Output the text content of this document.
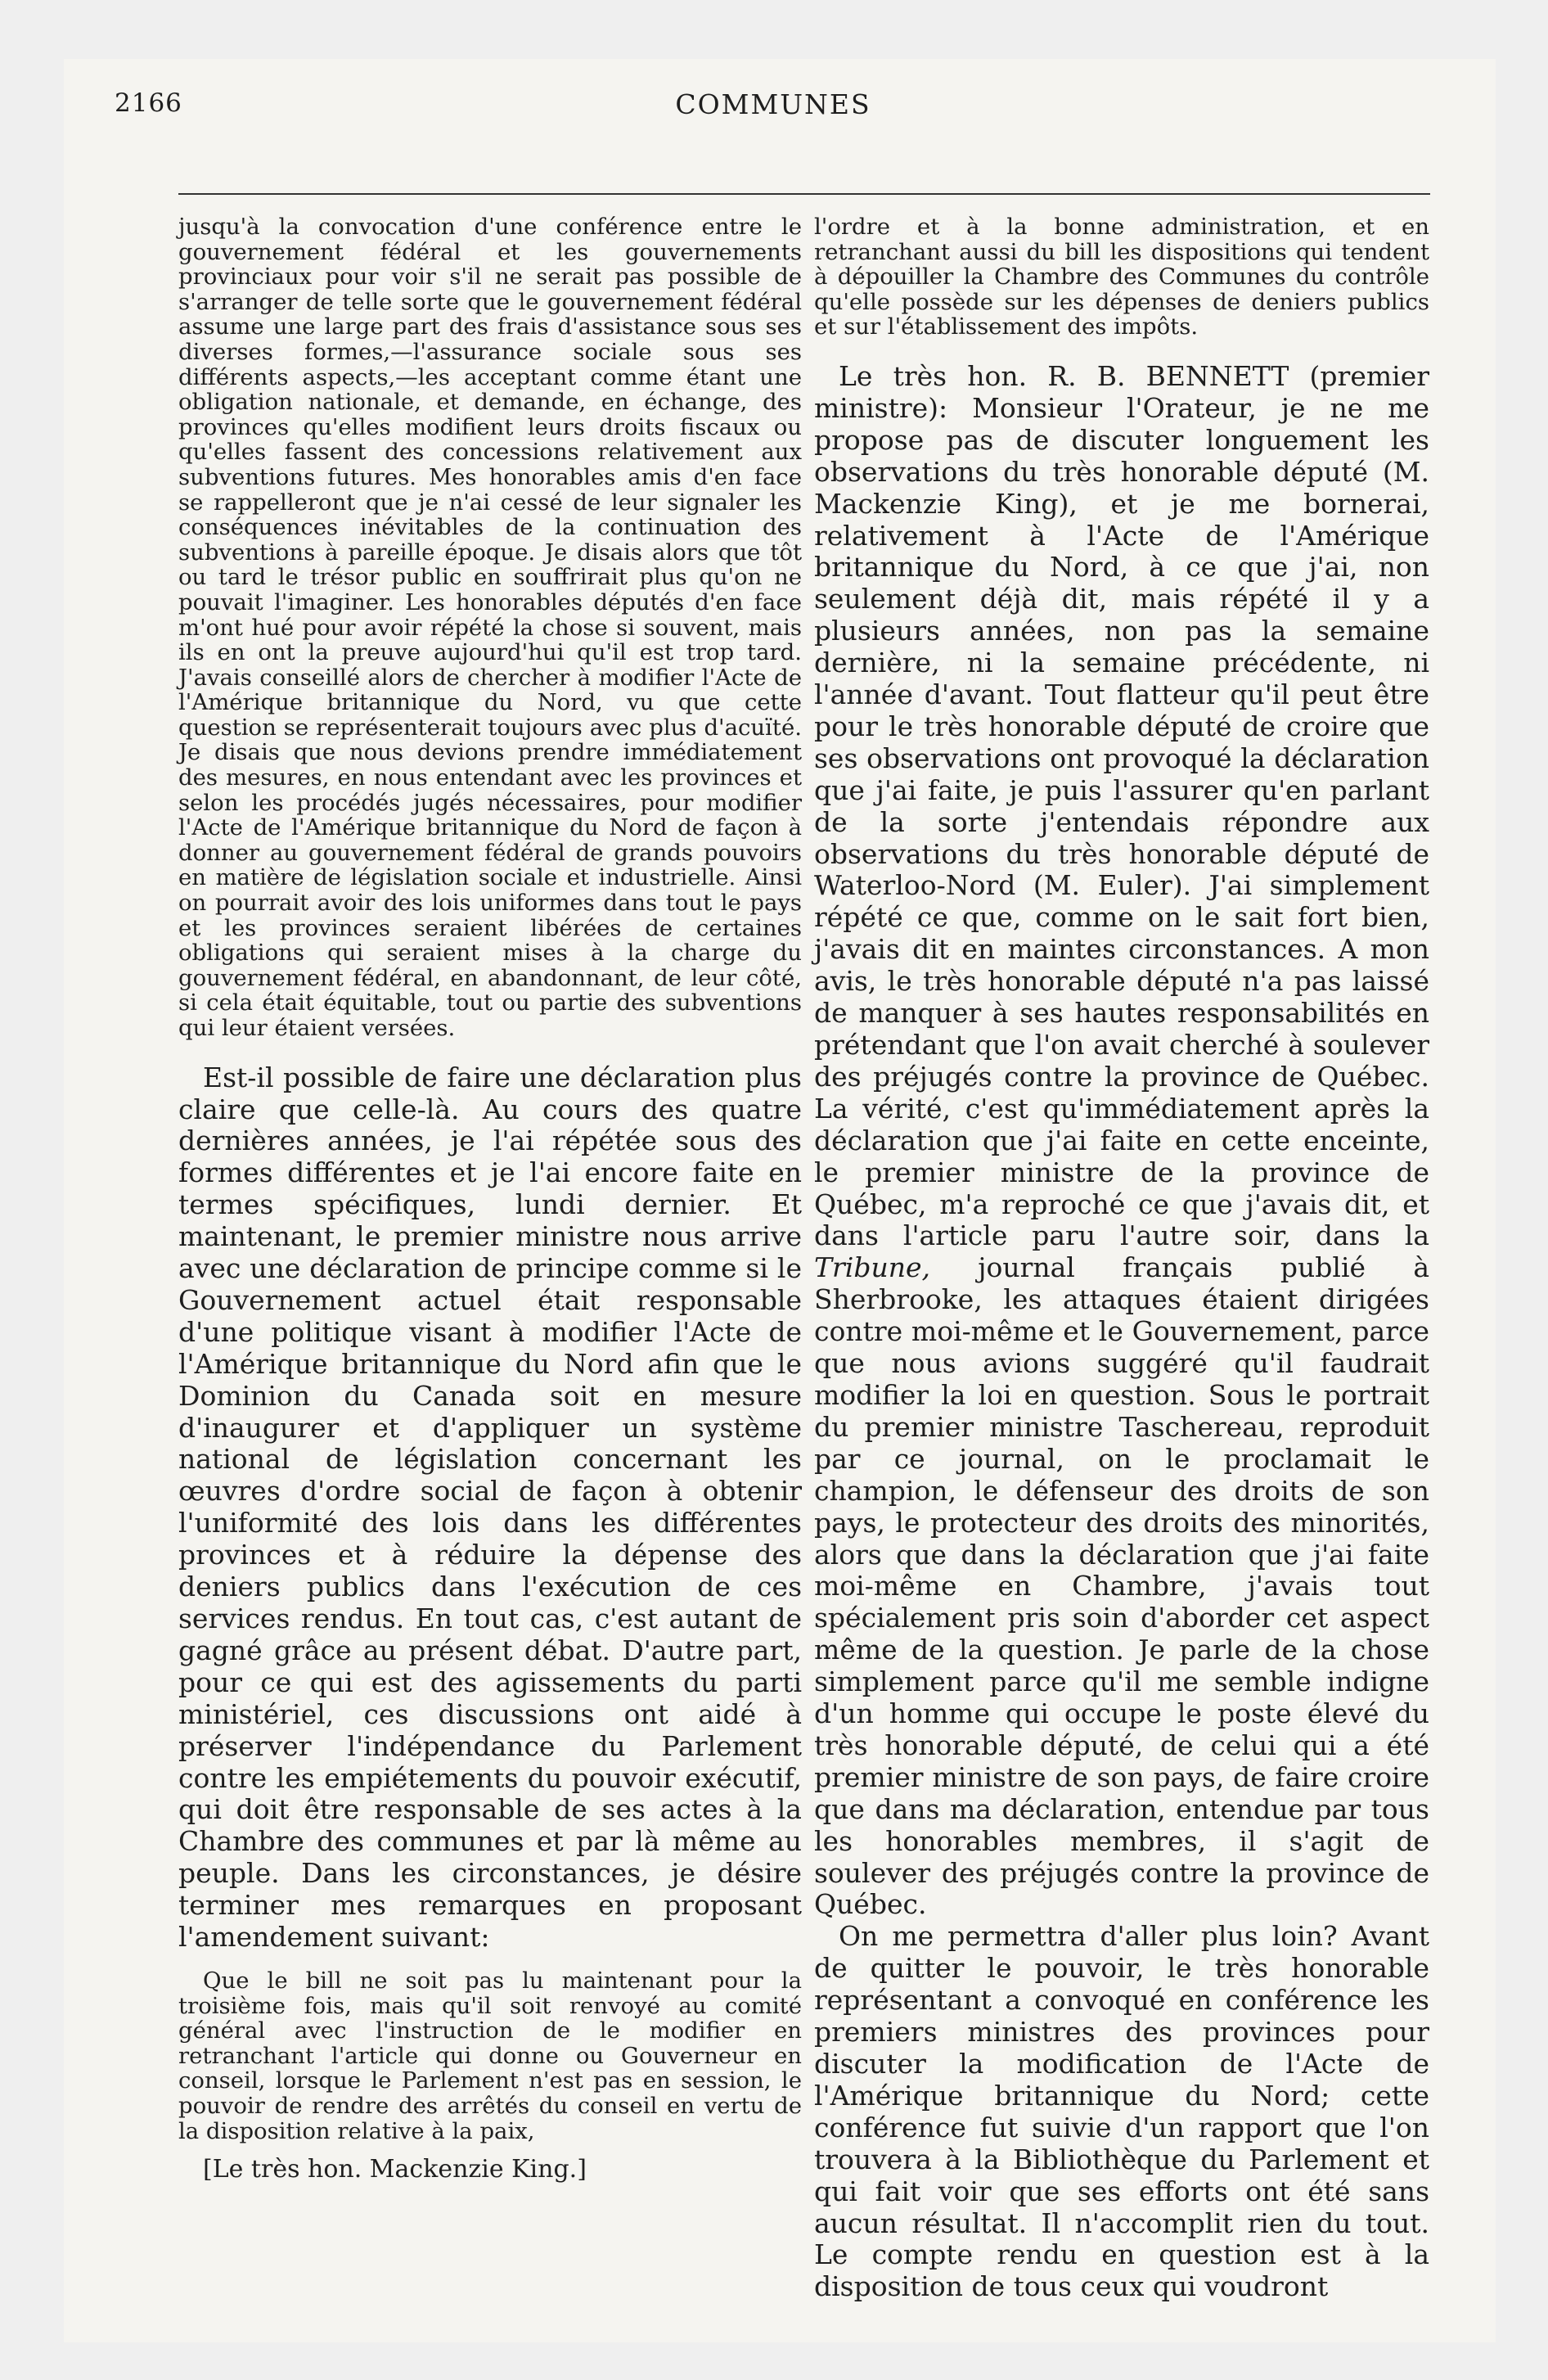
2166	COMMUNES

jusqu'à la convocation d'une conférence entre le gouvernement fédéral et les gouvernements provinciaux pour voir s'il ne serait pas possible de s'arranger de telle sorte que le gouvernement fédéral assume une large part des frais d'assistance sous ses diverses formes,—l'assurance sociale sous ses différents aspects,—les acceptant comme étant une obligation nationale, et demande, en échange, des provinces qu'elles modifient leurs droits fiscaux ou qu'elles fassent des concessions relativement aux subventions futures. Mes honorables amis d'en face se rappelleront que je n'ai cessé de leur signaler les conséquences inévitables de la continuation des subventions à pareille époque. Je disais alors que tôt ou tard le trésor public en souffrirait plus qu'on ne pouvait l'imaginer. Les honorables députés d'en face m'ont hué pour avoir répété la chose si souvent, mais ils en ont la preuve aujourd'hui qu'il est trop tard. J'avais conseillé alors de chercher à modifier l'Acte de l'Amérique britannique du Nord, vu que cette question se représenterait toujours avec plus d'acuïté. Je disais que nous devions prendre immédiatement des mesures, en nous entendant avec les provinces et selon les procédés jugés nécessaires, pour modifier l'Acte de l'Amérique britannique du Nord de façon à donner au gouvernement fédéral de grands pouvoirs en matière de législation sociale et industrielle. Ainsi on pourrait avoir des lois uniformes dans tout le pays et les provinces seraient libérées de certaines obligations qui seraient mises à la charge du gouvernement fédéral, en abandonnant, de leur côté, si cela était équitable, tout ou partie des subventions qui leur étaient versées.

Est-il possible de faire une déclaration plus claire que celle-là. Au cours des quatre dernières années, je l'ai répétée sous des formes différentes et je l'ai encore faite en termes spécifiques, lundi dernier. Et maintenant, le premier ministre nous arrive avec une déclaration de principe comme si le Gouvernement actuel était responsable d'une politique visant à modifier l'Acte de l'Amérique britannique du Nord afin que le Dominion du Canada soit en mesure d'inaugurer et d'appliquer un système national de législation concernant les œuvres d'ordre social de façon à obtenir l'uniformité des lois dans les différentes provinces et à réduire la dépense des deniers publics dans l'exécution de ces services rendus. En tout cas, c'est autant de gagné grâce au présent débat. D'autre part, pour ce qui est des agissements du parti ministériel, ces discussions ont aidé à préserver l'indépendance du Parlement contre les empiétements du pouvoir exécutif, qui doit être responsable de ses actes à la Chambre des communes et par là même au peuple. Dans les circonstances, je désire terminer mes remarques en proposant l'amendement suivant:

Que le bill ne soit pas lu maintenant pour la troisième fois, mais qu'il soit renvoyé au comité général avec l'instruction de le modifier en retranchant l'article qui donne ou Gouverneur en conseil, lorsque le Parlement n'est pas en session, le pouvoir de rendre des arrêtés du conseil en vertu de la disposition relative à la paix,

[Le très hon. Mackenzie King.]

l'ordre et à la bonne administration, et en retranchant aussi du bill les dispositions qui tendent à dépouiller la Chambre des Communes du contrôle qu'elle possède sur les dépenses de deniers publics et sur l'établissement des impôts.

Le très hon. R. B. BENNETT (premier ministre): Monsieur l'Orateur, je ne me propose pas de discuter longuement les observations du très honorable député (M. Mackenzie King), et je me bornerai, relativement à l'Acte de l'Amérique britannique du Nord, à ce que j'ai, non seulement déjà dit, mais répété il y a plusieurs années, non pas la semaine dernière, ni la semaine précédente, ni l'année d'avant. Tout flatteur qu'il peut être pour le très honorable député de croire que ses observations ont provoqué la déclaration que j'ai faite, je puis l'assurer qu'en parlant de la sorte j'entendais répondre aux observations du très honorable député de Waterloo-Nord (M. Euler). J'ai simplement répété ce que, comme on le sait fort bien, j'avais dit en maintes circonstances. A mon avis, le très honorable député n'a pas laissé de manquer à ses hautes responsabilités en prétendant que l'on avait cherché à soulever des préjugés contre la province de Québec. La vérité, c'est qu'immédiatement après la déclaration que j'ai faite en cette enceinte, le premier ministre de la province de Québec, m'a reproché ce que j'avais dit, et dans l'article paru l'autre soir, dans la Tribune, journal français publié à Sherbrooke, les attaques étaient dirigées contre moi-même et le Gouvernement, parce que nous avions suggéré qu'il faudrait modifier la loi en question. Sous le portrait du premier ministre Taschereau, reproduit par ce journal, on le proclamait le champion, le défenseur des droits de son pays, le protecteur des droits des minorités, alors que dans la déclaration que j'ai faite moi-même en Chambre, j'avais tout spécialement pris soin d'aborder cet aspect même de la question. Je parle de la chose simplement parce qu'il me semble indigne d'un homme qui occupe le poste élevé du très honorable député, de celui qui a été premier ministre de son pays, de faire croire que dans ma déclaration, entendue par tous les honorables membres, il s'agit de soulever des préjugés contre la province de Québec.

On me permettra d'aller plus loin? Avant de quitter le pouvoir, le très honorable représentant a convoqué en conférence les premiers ministres des provinces pour discuter la modification de l'Acte de l'Amérique britannique du Nord; cette conférence fut suivie d'un rapport que l'on trouvera à la Bibliothèque du Parlement et qui fait voir que ses efforts ont été sans aucun résultat. Il n'accomplit rien du tout. Le compte rendu en question est à la disposition de tous ceux qui voudront
